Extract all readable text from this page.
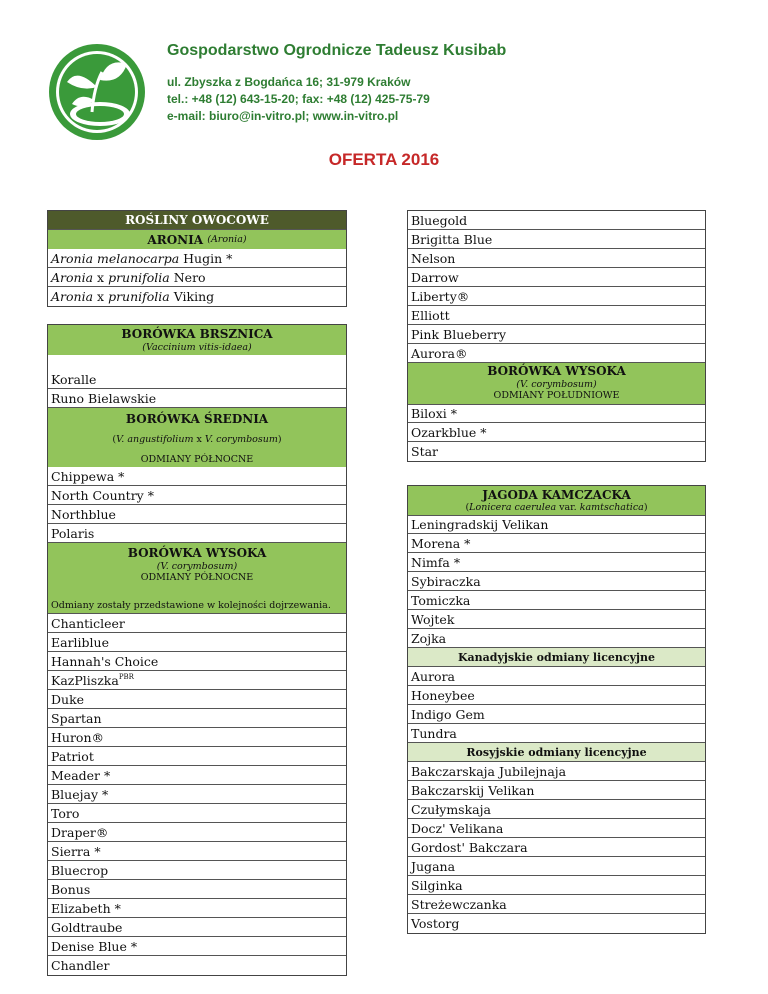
Gospodarstwo Ogrodnicze Tadeusz Kusibab
ul. Zbyszka z Bogdańca 16; 31-979 Kraków
tel.: +48 (12) 643-15-20; fax: +48 (12) 425-75-79
e-mail: biuro@in-vitro.pl; www.in-vitro.pl
OFERTA 2016
ROŚLINY OWOCOWE
ARONIA
(Aronia)
Aronia melanocarpa
Hugin *
Aronia
x
prunifolia
Nero
Aronia
x
prunifolia
Viking
BORÓWKA BRSZNICA
(Vaccinium vitis-idaea)
Koralle
Runo Bielawskie
BORÓWKA ŚREDNIA
(V. angustifolium x V. corymbosum)
ODMIANY PÓŁNOCNE
Chippewa *
North Country *
Northblue
Polaris
BORÓWKA WYSOKA
(V. corymbosum)
ODMIANY PÓŁNOCNE
Odmiany zostały przedstawione w kolejności dojrzewania.
Chanticleer
Earliblue
Hannah's Choice
KazPliszka$^{PBR}$
Duke
Spartan
Huron®
Patriot
Meader *
Bluejay *
Toro
Draper®
Sierra *
Bluecrop
Bonus
Elizabeth *
Goldtraube
Denise Blue *
Chandler
Bluegold
Brigitta Blue
Nelson
Darrow
Liberty®
Elliott
Pink Blueberry
Aurora®
BORÓWKA WYSOKA
(V. corymbosum)
ODMIANY POŁUDNIOWE
Biloxi *
Ozarkblue *
Star
JAGODA KAMCZACKA
(Lonicera caerulea var. kamtschatica)
Leningradskij Velikan
Morena *
Nimfa *
Sybiraczka
Tomiczka
Wojtek
Zojka
Kanadyjskie odmiany licencyjne
Aurora
Honeybee
Indigo Gem
Tundra
Rosyjskie odmiany licencyjne
Bakczarskaja Jubilejnaja
Bakczarskij Velikan
Czułymskaja
Docz' Velikana
Gordost' Bakczara
Jugana
Silginka
Streżewczanka
Vostorg
